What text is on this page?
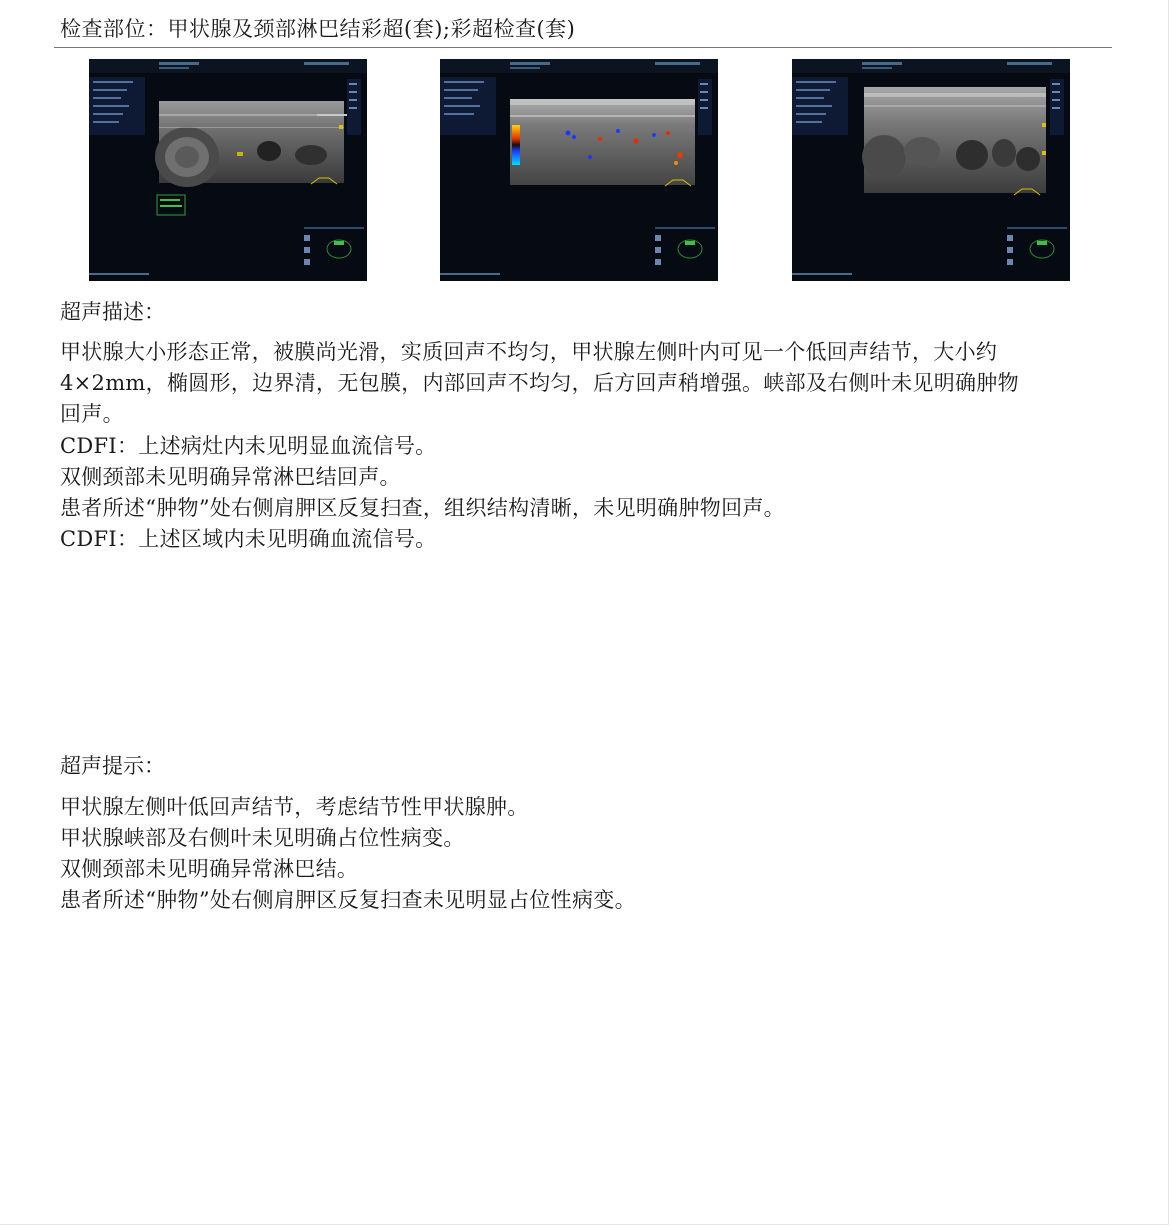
检查部位：甲状腺及颈部淋巴结彩超(套);彩超检查(套)
超声描述：
甲状腺大小形态正常，被膜尚光滑，实质回声不均匀，甲状腺左侧叶内可见一个低回声结节，大小约
4×2mm，椭圆形，边界清，无包膜，内部回声不均匀，后方回声稍增强。峡部及右侧叶未见明确肿物
回声。
CDFI：上述病灶内未见明显血流信号。
双侧颈部未见明确异常淋巴结回声。
患者所述“肿物”处右侧肩胛区反复扫查，组织结构清晰，未见明确肿物回声。
CDFI：上述区域内未见明确血流信号。
超声提示：
甲状腺左侧叶低回声结节，考虑结节性甲状腺肿。
甲状腺峡部及右侧叶未见明确占位性病变。
双侧颈部未见明确异常淋巴结。
患者所述“肿物”处右侧肩胛区反复扫查未见明显占位性病变。
